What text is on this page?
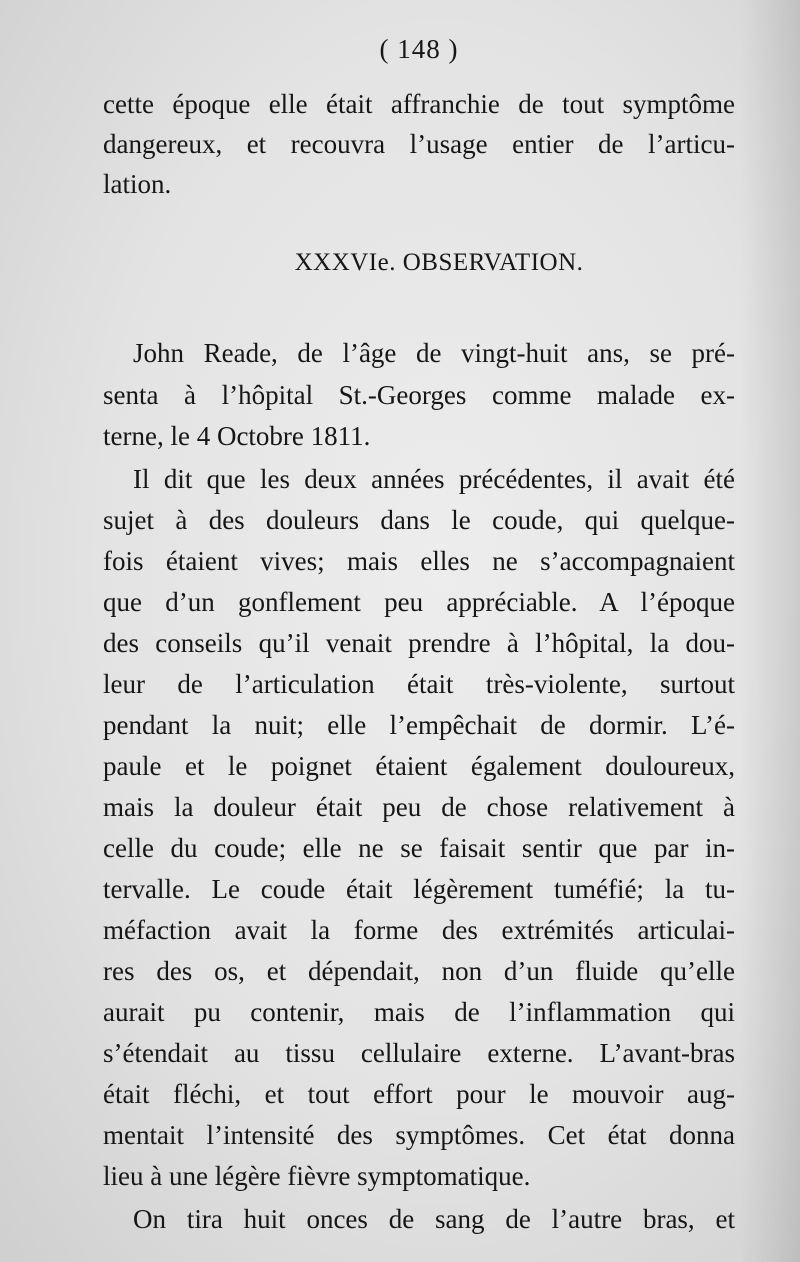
( 148 )
cette époque elle était affranchie de tout symptôme
dangereux, et recouvra l’usage entier de l’articu-
lation.
XXXVIe. OBSERVATION.
John Reade, de l’âge de vingt-huit ans, se pré-
senta à l’hôpital St.-Georges comme malade ex-
terne, le 4 Octobre 1811.
Il dit que les deux années précédentes, il avait été
sujet à des douleurs dans le coude, qui quelque-
fois étaient vives; mais elles ne s’accompagnaient
que d’un gonflement peu appréciable. A l’époque
des conseils qu’il venait prendre à l’hôpital, la dou-
leur de l’articulation était très-violente, surtout
pendant la nuit; elle l’empêchait de dormir. L’é-
paule et le poignet étaient également douloureux,
mais la douleur était peu de chose relativement à
celle du coude; elle ne se faisait sentir que par in-
tervalle. Le coude était légèrement tuméfié; la tu-
méfaction avait la forme des extrémités articulai-
res des os, et dépendait, non d’un fluide qu’elle
aurait pu contenir, mais de l’inflammation qui
s’étendait au tissu cellulaire externe. L’avant-bras
était fléchi, et tout effort pour le mouvoir aug-
mentait l’intensité des symptômes. Cet état donna
lieu à une légère fièvre symptomatique.
On tira huit onces de sang de l’autre bras, et
